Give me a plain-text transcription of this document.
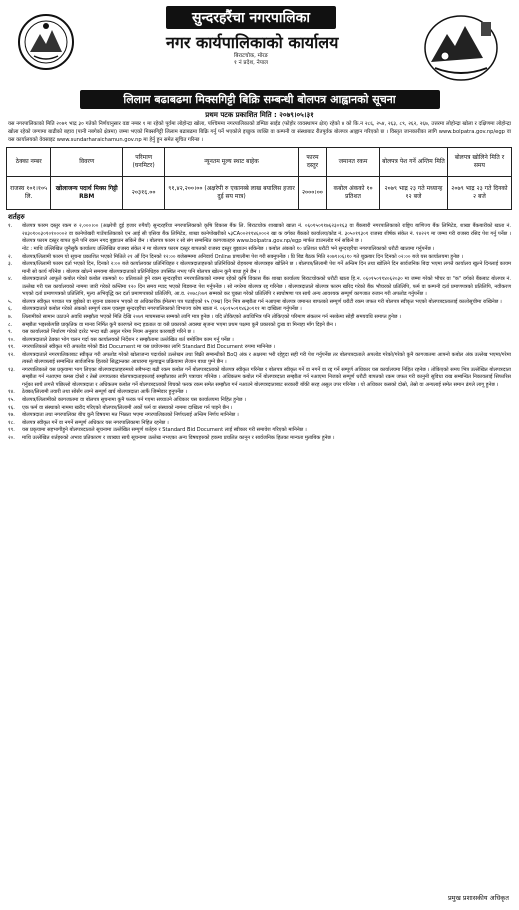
सुन्दरहरैंचा नगरपालिका
नगर कार्यपालिकाको कार्यालय
बिराटचोक, मोरङ
१ नं प्रदेश, नेपाल
लिलाम बढाबढमा मिक्सगिट्टी बिक्रि सम्बन्धी बोलपत्र आह्वानको सूचना
प्रथम पटक प्रकाशित मिति : २०७९।०५।३१

यस नगरपालिकाको मिति २०७९ भाद्र ३० गतेको निर्णयानुसार वडा नम्बर १ मा रहेको पूर्वमा लोहोन्द्रा खोला, पश्चिममा नगरपालिकाको डम्पिङ साईड (फोहोर व्यवस्थापन क्षेत्र) रहेको ४ को कि.न २८६, २५४, २६३, ८९, २६२, २६७, उत्तरमा लोहोन्द्रा खोला र दक्षिणमा लोहोन्द्रा खोला रहेको जग्गामा बाढीको बहाव (पानी नबगेको क्षेत्रमा) जम्मा भएको मिक्सगिट्टी लिलाम बढाबढमा बिक्रि गर्नु पर्ने भएकोले इच्छुक व्यक्ति वा कम्पनी वा संस्थाबाट रीतपूर्वक बोलपत्र आह्वान गरिएको छ । विस्तृत जानकारीका लागि www.bolpatra.gov.np/egp वा यस कार्यालयको वेवसाइट www.sundarharaichamun.gov.np मा हेर्नु हुन समेत सूचित गरिन्छ ।

ठेक्का नम्बर	विवरण	परिमाण (घनमिटर)	न्यूनतम मूल्य स्थाट बाहेक	फारम दस्तुर	जमानत रकम	बोलपत्र पेश गर्ने अन्तिम मिति	बोलपत्र खोलिने मिति र समय
राजस्व १०१।१०५ लि.	खोलाजन्य पदार्थ मिक्स गिट्टी RBM	२०३१६.००	९१,४२,२००।०० (अक्षरेपी रु एकानब्बे लाख बयालिस हजार दुई सय मात्र)	२०००।००	कबोल अंकको १० प्रतिशत	२०७९ भाद्र २३ गते मध्यान्ह १२ बजे	२०७९ भाद्र २३ गते दिनको २ बजे
शर्तहरु
१.	बोलपत्र फारम दस्तुर रकम रु २,०००।०० (अक्षरेपी दुई हजार रुपैयाँ) सुन्दरहरैंचा नगरपालिकाको कृषि विकास बैंक लि. बिराटचोक शाखाको खाता नं. ०६०१५०११७६२३०१६३ वा बैंकबारी नगरपालिकाको राष्ट्रिय बाणिज्य बैंक लिमिटेड, शाखा बैंकबारीको खाता नं. २४३०१००३०१०१००००२ वा कानेपोखरी गाउँपालिकाको एन आई सी एसिया बैंक लिमिटेड, शाखा कानेपोखरीको ५३CA००२११४६०००२ खा क वर्गका बैंकको कार्यालय/कोड नं. ३०५०११३०१ राजस्व शीर्षक संकेत नं. १४२२९ मा जम्मा गरी राजस्व रसिद पेश गर्नु पर्नेछ । बोलपत्र फारम दस्तुर बापत कुनै पनि रकम नगद बुझाउन सकिने छैन । बोलपत्र फारम र सो संग सम्बन्धित कागजातहरु www.bolpatra.gov.np/egp मार्फत डाउनलोड गर्न सकिने छ ।
नोट : माथि उल्लिखित जुनैसुकै कार्यालय उल्लिखित राजस्व संकेत नं मा बोलपत्र फारम दस्तुर बापतको राजस्व दस्तुर बुझाउन सकिनेछ । कबोल अंकको १० प्रतिशत धरौटी भने सुन्दरहरैंचा नगरपालिकाको धरौटी खातामा गर्नुपर्नेछ ।
२.	बोलपत्र/लिलामी फारम यो सूचना प्रकाशित भएको मितिले २१ औं दिन दिनको १२:०० बजेसम्ममा अनिवार्य Online प्रणालीमा पेश गरी सक्नुपर्नेछ । प्रि बिड बैठक मिति २०७९।०६।१० गते शुक्रबार दिन दिनको ०२:०० बजे यस कार्यालयमा हुनेछ ।
३.	बोलपत्र/लिलामी फारम दर्ता भएको दिन, दिनको २:०० बजे कार्यालयका प्रतिनिधिहरु र बोलपत्रदाताहरुको प्रतिनिधिको रोहबरमा बोलपत्रहरु खोलिने छ । बोलपत्र/लिलामी पेश गर्ने अन्तिम दिन तथा खोलिने दिन सार्वजनिक बिदा भएमा लगत्तै कार्यालय खुल्ने दिनलाई कायम मानी सो कार्य गरिनेछ । बोलपत्र खोल्ने समयमा बोलपत्रदाताको प्रतिनिधिहरु उपस्थित नभए पनि बोलपत्र खोल्न कुनै बाधा हुने छैन ।
४.	बोलपत्रदाताले आफूले कबोल गरेको कबोल रकमको १० प्रतिशतले हुने रकम सुन्दरहरैंचा नगरपालिकाको नाममा रहेको कृषि विकास बैंक शाखा कार्यालय बिराटचोकको धरौटी खाता हि.न. ०६०१५०११४०६२०३० मा जम्मा गरेको भौचर वा "क" वर्गको बैंकबाट बोलपत्र नं. उल्लेख गरी यस कार्यालयको नाममा जारी गरेको कम्तिमा १२० दिन समय म्याद भएको बिडबन्ड पेश गर्नुपर्नेछ । सो नगरेमा बोलपत्र रद्द गरिनेछ । बोलपत्रदाताले बोलपत्र फारम खरिद गरेको बैंक भौचरको प्रतिलिपि, फर्म वा कम्पनी दर्ता प्रमाणपत्रको प्रतिलिपि, नवीकरण भएको दर्ता प्रमाणपत्रको प्रतिलिपि, मूल्य अभिवृद्धि कर दर्ता प्रमाणपत्रको प्रतिलिपि, आ.व. २०७८/०७९ सम्मको कर चुक्ता गरेको प्रतिलिपि र स्वघोषणा पत्र साथै अन्य आवश्यक सम्पूर्ण कागजात रुजान गरी अपलोड गर्नुपर्नेछ ।
५.	बोलपत्र स्वीकृत पश्चात पत्र बुझेको वा सूचना प्रकाशन भएको वा अधिकारीक ईमेलमा पत्र पठाईएको १५ (पन्ध्र) दिन भित्र सम्झौता गर्न नआएमा बोलपत्र जमानत बापतको सम्पूर्ण धरौटी रकम जफत गरी बोलपत्र स्वीकृत भएको बोलपत्रदातालाई कालोसूचीमा राखिनेछ ।
६.	बोलपत्रदाताले कबोल गरेको अंकको सम्पूर्ण रकम एकमुष्ट सुन्दरहरैंचा नगरपालिकाको विभाज्य कोष खाता नं. ०६०१५०११४६३०१११ मा दाखिला गर्नुपर्नेछ ।
७.	लिलामीको सामान उठाउने अवधि सम्झौता भएको मिति देखि २०७९ माघमसान्त सम्मको लागि मात्र हुनेछ । यदि तोकिएको अवधिभित्र पनि तोकिएको परिमाण संकलन गर्न नसकेमा सोही समयवधि समाप्त हुनेछ ।
८.	सम्झौता भइसकेपछि प्राकृतिक वा मानव निर्मित कुनै कारणले बन्द हडताल वा यसै प्रकारको अवस्था सृजना भएमा प्रथम पक्षमा कुनै प्रकारको दुःख वा मिनाहा माँग दिइने छैन ।
९.	यस कार्यालयले निर्धारण गरेको दररेट भन्दा बढी असुल गरेमा नियम अनुसार कारबाही गरिने छ ।
१०.	बोलपत्रदाताले ठेक्का भोग चलन गर्दा यस कार्यालयको निर्देशन र सम्झौतामा उल्लेखित शर्त बमोजिम काम गर्नु पर्नेछ ।
११.	नगरपालिकाले स्वीकृत गरी अपलोड गरेको Bid Document मा यस प्रयोजनका लागि Standard Bid Document रुपमा मानिनेछ ।
१२.	बोलपत्रदाताले नगरपालिकाबाट स्वीकृत गरी अपलोड गरेको खोलाजन्य पदार्थको उल्लेखन तथा बिक्री सम्बन्धीको BoQ अंक र अक्षरमा भरी रहेहुदा सही गरी पेश गर्नुपर्नेछ तर बोलपत्रदाताले अपलोड गरेको/गरेको कुनै कागजातमा आफ्नो कबोल अंक उल्लेख भएमा/गरेमा त्यस्तो बोलपत्रलाई सम्बन्धित सार्वजनिक हितको सिद्धान्तका आधारमा मूल्याङ्कन प्रक्रियामा लैजान बाधा पुग्ने छैन ।
१३.	नगरपालिकाले यस प्रकृयामा भाग लिएका बोलपत्रदाताहरुमध्ये सबैभन्दा बढी रकम कबोल गर्ने बोलपत्रदाताको बोलपत्र स्वीकृत गरिनेछ र बोलपत्र स्वीकृत गर्ने वा नगर्ने वा रद्द गर्ने सम्पूर्ण अधिकार यस कार्यालयमा निहित रहनेछ । तोकिएको समय भित्र उल्लेखित बोलपत्रदाता सम्झौता गर्न नआएमा कमस दोस्रो र तेस्रो लगायतका बोलपत्रदाताहरुलाई सम्झौताका लागि पत्राचार गरिनेछ । अधिकतम कबोल गर्ने बोलपत्रदाता सम्झौता गर्न नआएमा निजको सम्पूर्ण धरौटी बापतको रकम जफत गरी कानुनी सुविधा राख सम्बन्धित निकायलाई सिफारिस गर्नुका साथै लगत्तै पछिल्लो बोलपत्रदाता र अधिकतम कबोल गर्ने बोलपत्रदाताको बिचको फरक रकम समेत सम्झौता गर्न नआउने बोलपत्रदाताबाट सरकारी बाँकी सरह असुल उपर गरिनेछ । यो अधिकार कसको दोस्रो, तेस्रो वा अन्यलाई समेत समान ढंगले लागू हुनेछ ।
१४.	ठेक्का/लिलामी तयारी तथा सोसँग लाग्ने सम्पूर्ण खर्च बोलपत्रदाता आफैं जिम्मेवार हुनुपर्नेछ ।
१५.	बोलपत्र/लिलामीको कागजातमा वा बोलपत्र सूचनामा कुनै फरक पर्न गएमा सच्याउने अधिकार यस कार्यालयमा निहित हुनेछ ।
१६.	एक फर्म वा संस्थाको नाममा खरीद गरिएको बोलपत्र/लिलामी अर्को फर्म वा संस्थाको नाममा दाखिला गर्न पाइने छैन ।
१७.	बोलपत्रदाता तथा नगरपालिका बीच कुनै विषयमा मत भिन्नता भएमा नगरपालिकाको निर्णयलाई अन्तिम निर्णय मानिनेछ ।
१८.	बोलपत्र स्वीकृत गर्ने वा नगर्ने सम्पूर्ण अधिकार यस नगरपालिकामा निहित रहनेछ ।
१९.	यस प्रकृयामा सहभागीहुने बोलपत्रदाताले सूचनामा उल्लेखित सम्पूर्ण शर्तहरु र Standard Bid Document लाई स्वीकार गरी समावेश गरिएको मानिनेछ ।
२०.	माथि उल्लेखित शर्तहरुको अभाव प्रतिकारण र व्याख्या साथै सूचनामा उल्लेख नभएका अन्य विषयहरुको हकमा प्रचलित कानून र सार्वजनिक हितका मान्यता मुताबिक हुनेछ ।
प्रमुख प्रशासकीय अधिकृत
